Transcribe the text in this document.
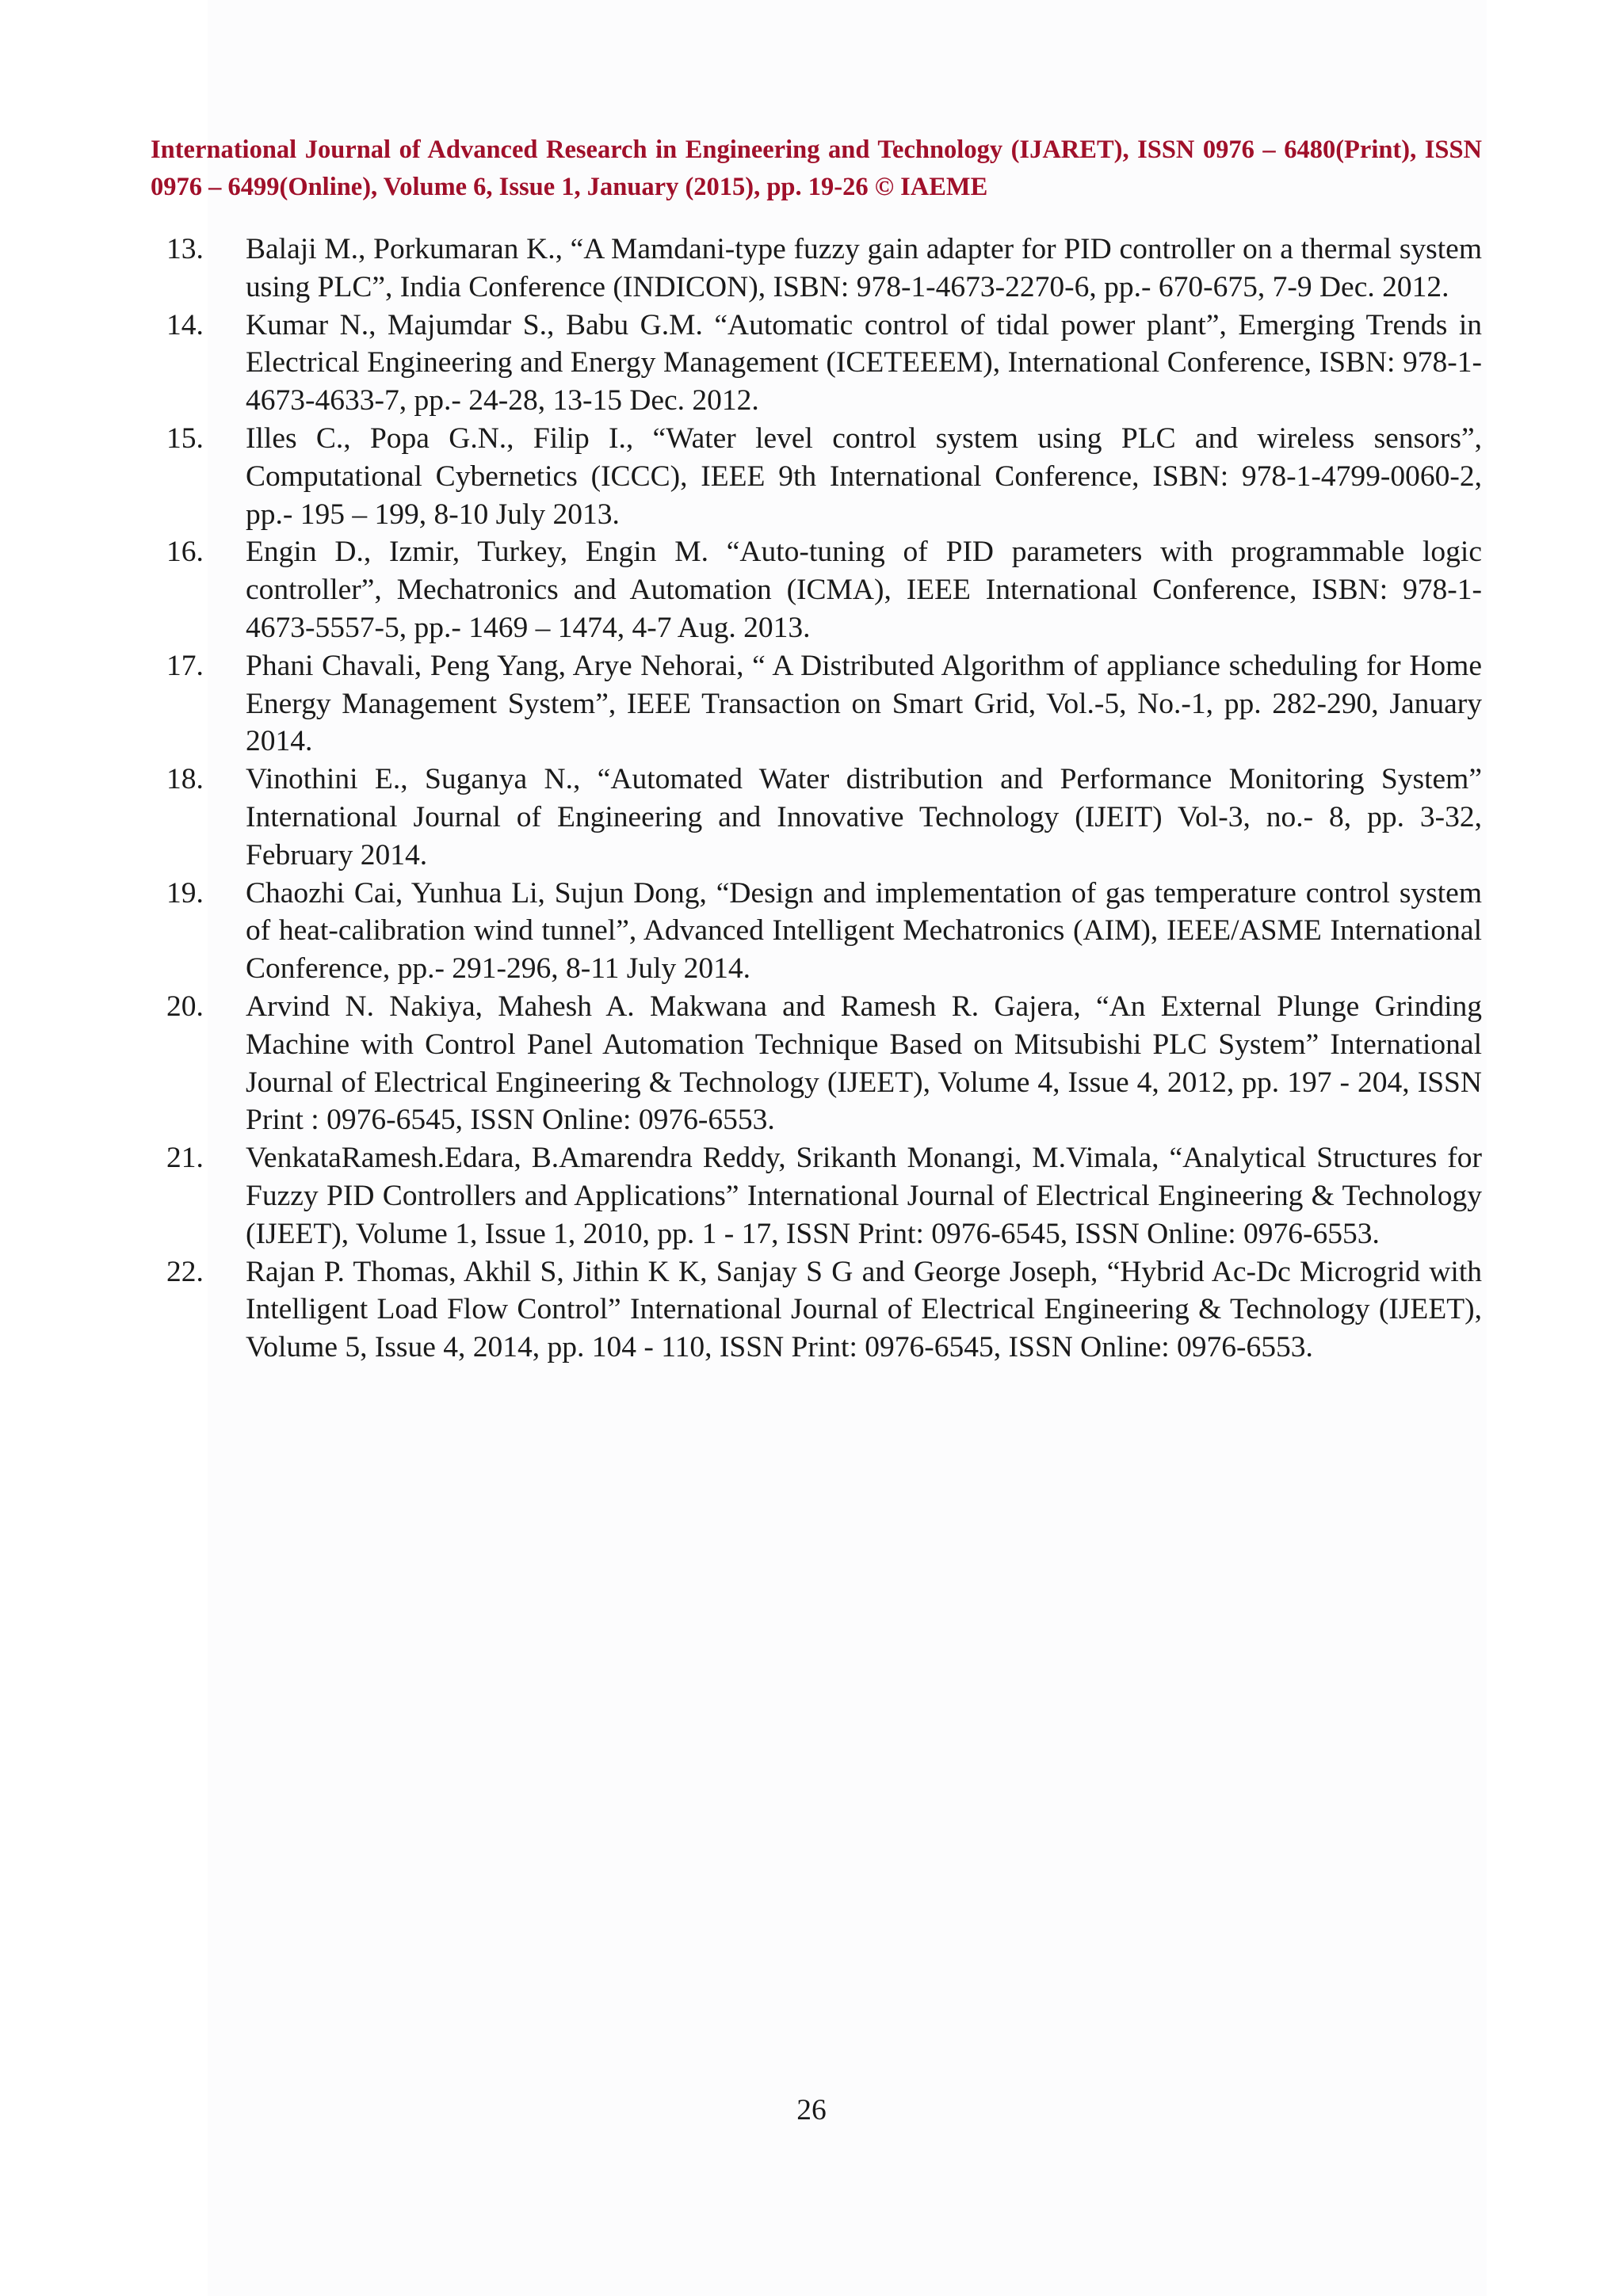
International Journal of Advanced Research in Engineering and Technology (IJARET), ISSN 0976 – 6480(Print), ISSN 0976 – 6499(Online), Volume 6, Issue 1, January (2015), pp. 19-26 © IAEME

13. Balaji M., Porkumaran K., “A Mamdani-type fuzzy gain adapter for PID controller on a thermal system using PLC”, India Conference (INDICON), ISBN: 978-1-4673-2270-6, pp.- 670-675, 7-9 Dec. 2012.
14. Kumar N., Majumdar S., Babu G.M. “Automatic control of tidal power plant”, Emerging Trends in Electrical Engineering and Energy Management (ICETEEEM), International Conference, ISBN: 978-1-4673-4633-7, pp.- 24-28, 13-15 Dec. 2012.
15. Illes C., Popa G.N., Filip I., “Water level control system using PLC and wireless sensors”, Computational Cybernetics (ICCC), IEEE 9th International Conference, ISBN: 978-1-4799-0060-2, pp.- 195 – 199, 8-10 July 2013.
16. Engin D., Izmir, Turkey, Engin M. “Auto-tuning of PID parameters with programmable logic controller”, Mechatronics and Automation (ICMA), IEEE International Conference, ISBN: 978-1-4673-5557-5, pp.- 1469 – 1474, 4-7 Aug. 2013.
17. Phani Chavali, Peng Yang, Arye Nehorai, “ A Distributed Algorithm of appliance scheduling for Home Energy Management System”, IEEE Transaction on Smart Grid, Vol.-5, No.-1, pp. 282-290, January 2014.
18. Vinothini E., Suganya N., “Automated Water distribution and Performance Monitoring System” International Journal of Engineering and Innovative Technology (IJEIT) Vol-3, no.- 8, pp. 3-32, February 2014.
19. Chaozhi Cai, Yunhua Li, Sujun Dong, “Design and implementation of gas temperature control system of heat-calibration wind tunnel”, Advanced Intelligent Mechatronics (AIM), IEEE/ASME International Conference, pp.- 291-296, 8-11 July 2014.
20. Arvind N. Nakiya, Mahesh A. Makwana and Ramesh R. Gajera, “An External Plunge Grinding Machine with Control Panel Automation Technique Based on Mitsubishi PLC System” International Journal of Electrical Engineering & Technology (IJEET), Volume 4, Issue 4, 2012, pp. 197 - 204, ISSN Print : 0976-6545, ISSN Online: 0976-6553.
21. VenkataRamesh.Edara, B.Amarendra Reddy, Srikanth Monangi, M.Vimala, “Analytical Structures for Fuzzy PID Controllers and Applications” International Journal of Electrical Engineering & Technology (IJEET), Volume 1, Issue 1, 2010, pp. 1 - 17, ISSN Print: 0976-6545, ISSN Online: 0976-6553.
22. Rajan P. Thomas, Akhil S, Jithin K K, Sanjay S G and George Joseph, “Hybrid Ac-Dc Microgrid with Intelligent Load Flow Control” International Journal of Electrical Engineering & Technology (IJEET), Volume 5, Issue 4, 2014, pp. 104 - 110, ISSN Print: 0976-6545, ISSN Online: 0976-6553.
26
